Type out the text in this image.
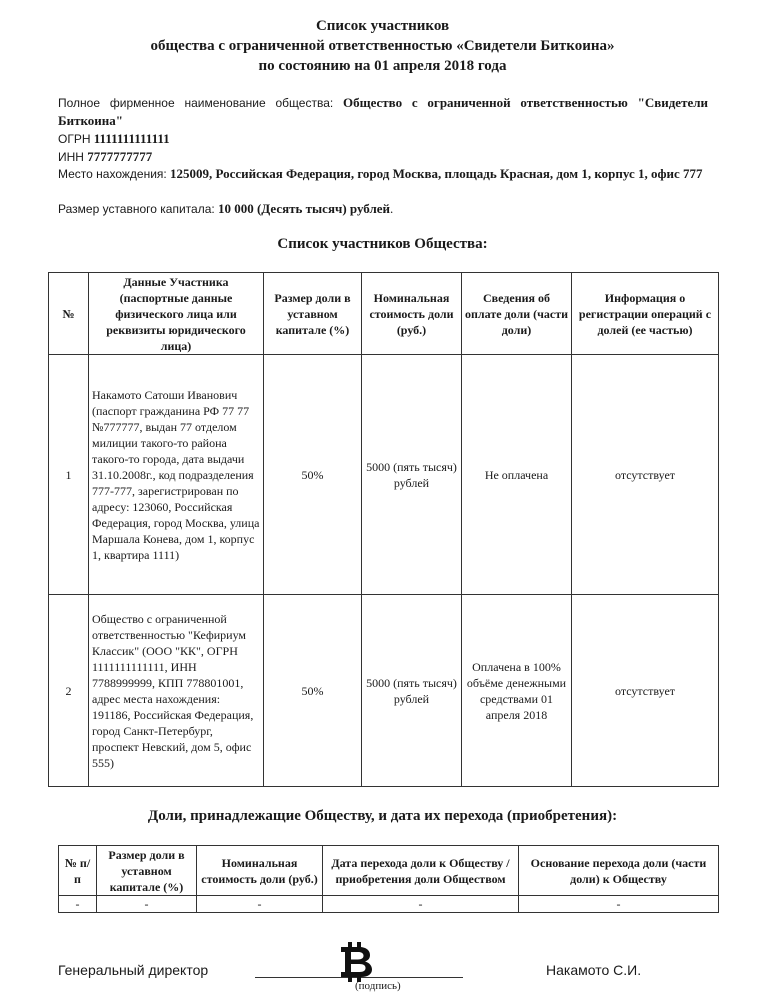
Список участников
общества с ограниченной ответственностью «Свидетели Биткоина»
по состоянию на 01 апреля 2018 года
Полное фирменное наименование общества: Общество с ограниченной ответственностью "Свидетели Биткоина"
ОГРН 1111111111111
ИНН 7777777777
Место нахождения: 125009, Российская Федерация, город Москва, площадь Красная, дом 1, корпус 1, офис 777
Размер уставного капитала: 10 000 (Десять тысяч) рублей.
Список участников Общества:
№	Данные Участника (паспортные данные физического лица или реквизиты юридического лица)	Размер доли в уставном капитале (%)	Номинальная стоимость доли (руб.)	Сведения об оплате доли (части доли)	Информация о регистрации операций с долей (ее частью)
1	Накамото Сатоши Иванович (паспорт гражданина РФ 77 77 №777777, выдан 77 отделом милиции такого-то района такого-то города, дата выдачи 31.10.2008г., код подразделения 777-777, зарегистрирован по адресу: 123060, Российская Федерация, город Москва, улица Маршала Конева, дом 1, корпус 1, квартира 1111)	50%	5000 (пять тысяч) рублей	Не оплачена	отсутствует
2	Общество с ограниченной ответственностью "Кефириум Классик" (ООО "КК", ОГРН 1111111111111, ИНН 7788999999, КПП 778801001, адрес места нахождения: 191186, Российская Федерация, город Санкт-Петербург, проспект Невский, дом 5, офис 555)	50%	5000 (пять тысяч) рублей	Оплачена в 100% объёме денежными средствами 01 апреля 2018	отсутствует
Доли, принадлежащие Обществу, и дата их перехода (приобретения):
№ п/п	Размер доли в уставном капитале (%)	Номинальная стоимость доли (руб.)	Дата перехода доли к Обществу / приобретения доли Обществом	Основание перехода доли (части доли) к Обществу
-	-	-	-	-
Генеральный директор
(подпись)
Накамото С.И.
